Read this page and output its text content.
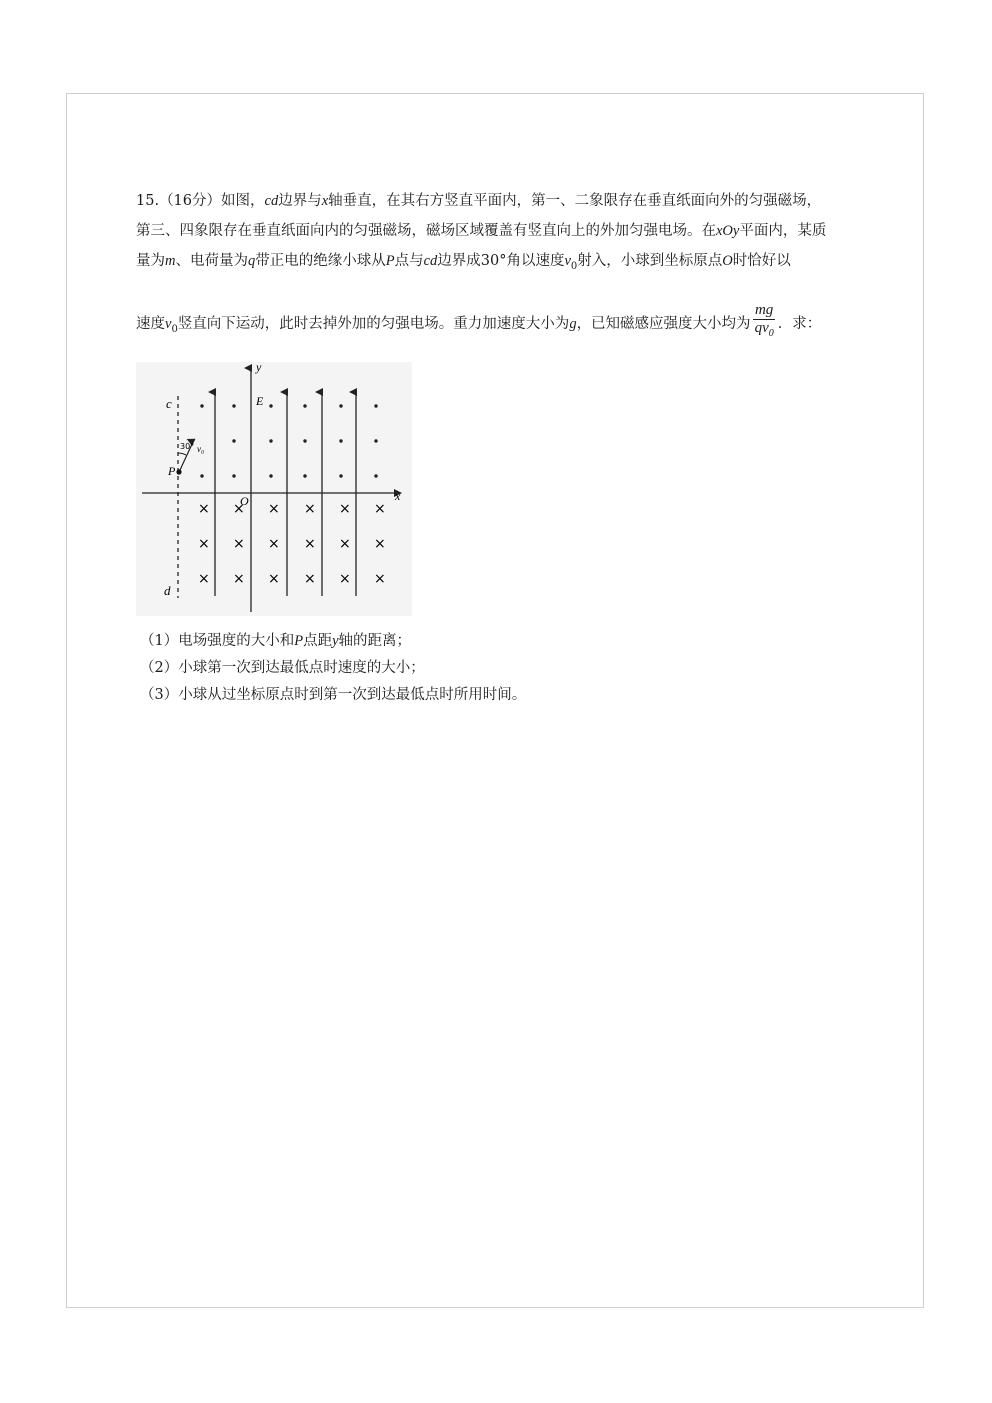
15.（16分）如图，cd边界与x轴垂直，在其右方竖直平面内，第一、二象限存在垂直纸面向外的匀强磁场，

第三、四象限存在垂直纸面向内的匀强磁场，磁场区域覆盖有竖直向上的外加匀强电场。在xOy平面内，某质

量为m、电荷量为q带正电的绝缘小球从P点与cd边界成30°角以速度$v_0$射入，小球到坐标原点O时恰好以

速度$v_0$竖直向下运动，此时去掉外加的匀强电场。重力加速度大小为g，已知磁感应强度大小均为 $\frac{mg}{qv_0}$ ．求：

× × × × × ×
× × × × × ×
× × × × × ×
y
x
c
d
E
O
P
30° v₀

（1）电场强度的大小和P点距y轴的距离；

（2）小球第一次到达最低点时速度的大小；

（3）小球从过坐标原点时到第一次到达最低点时所用时间。
